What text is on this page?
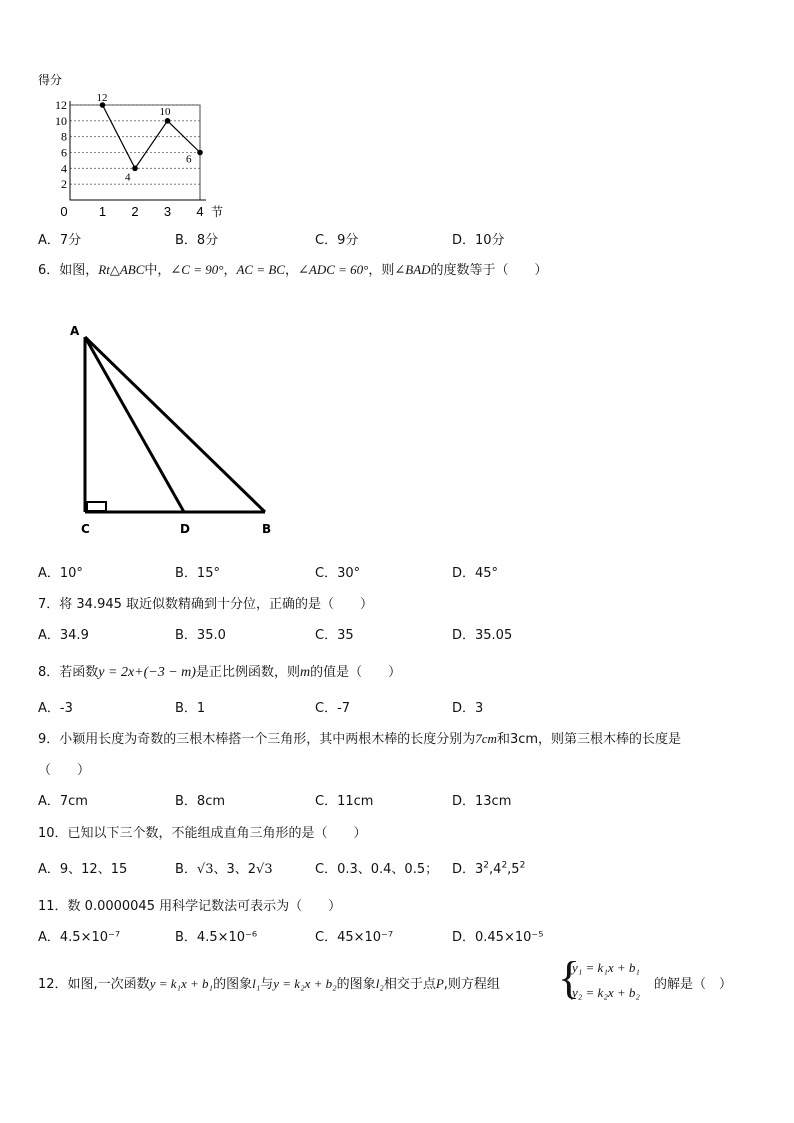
得分
12
10
8
6
4
2
0 1 2 3 4
12
4
10
6
节
A．7分	B．8分	C．9分	D．10分
6．如图，Rt△ABC中，∠C = 90°，AC = BC，∠ADC = 60°，则∠BAD的度数等于（　　）
A
C	D	B
A．10°	B．15°	C．30°	D．45°
7．将 34.945 取近似数精确到十分位，正确的是（　　）
A．34.9	B．35.0	C．35	D．35.05
8．若函数y = 2x+(−3 − m)是正比例函数，则m的值是（　　）
A．-3	B．1	C．-7	D．3
9．小颖用长度为奇数的三根木棒搭一个三角形，其中两根木棒的长度分别为7cm和3cm，则第三根木棒的长度是
（　　）
A．7cm	B．8cm	C．11cm	D．13cm
10．已知以下三个数，不能组成直角三角形的是（　　）
A．9、12、15	B．√3、3、2√3	C．0.3、0.4、0.5； D．$3^2,4^2,5^2$
11．数 0.0000045 用科学记数法可表示为（　　）
A．4.5×10⁻⁷	B．4.5×10⁻⁶	C．45×10⁻⁷	D．0.45×10⁻⁵
12．如图,一次函数y = k₁x + b₁的图象l₁与y = k₂x + b₂的图象l₂相交于点P,则方程组 {
y₁ = k₁x + b₁
y₂ = k₂x + b₂
的解是（　）
